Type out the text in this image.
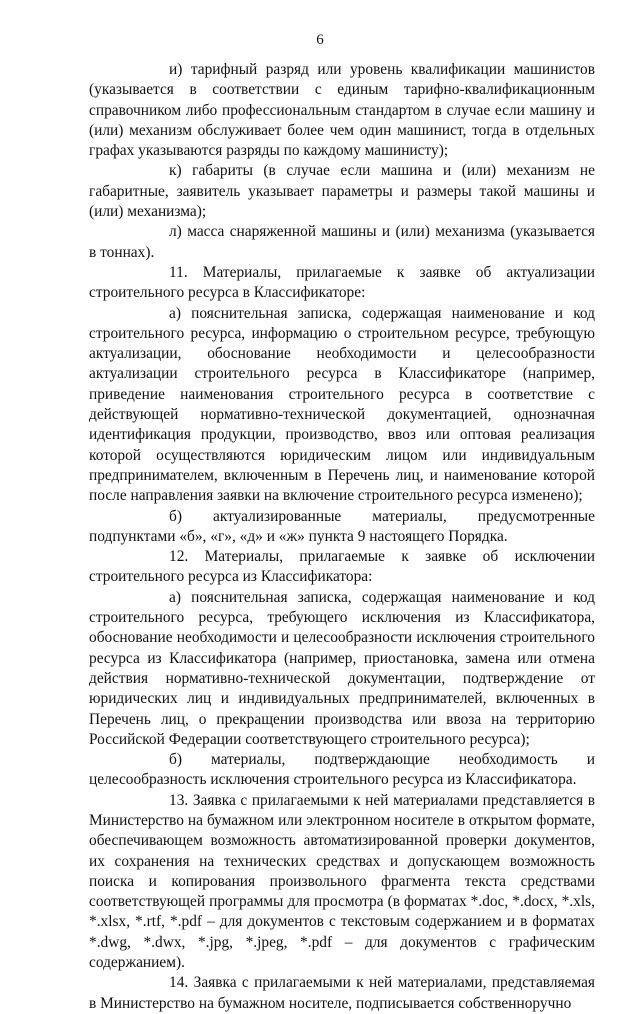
6

и) тарифный разряд или уровень квалификации машинистов (указывается в соответствии с единым тарифно-квалификационным справочником либо профессиональным стандартом в случае если машину и (или) механизм обслуживает более чем один машинист, тогда в отдельных графах указываются разряды по каждому машинисту);

к) габариты (в случае если машина и (или) механизм не габаритные, заявитель указывает параметры и размеры такой машины и (или) механизма);

л) масса снаряженной машины и (или) механизма (указывается в тоннах).

11. Материалы, прилагаемые к заявке об актуализации строительного ресурса в Классификаторе:

а) пояснительная записка, содержащая наименование и код строительного ресурса, информацию о строительном ресурсе, требующую актуализации, обоснование необходимости и целесообразности актуализации строительного ресурса в Классификаторе (например, приведение наименования строительного ресурса в соответствие с действующей нормативно-технической документацией, однозначная идентификация продукции, производство, ввоз или оптовая реализация которой осуществляются юридическим лицом или индивидуальным предпринимателем, включенным в Перечень лиц, и наименование которой после направления заявки на включение строительного ресурса изменено);

б) актуализированные материалы, предусмотренные подпунктами «б», «г», «д» и «ж» пункта 9 настоящего Порядка.

12. Материалы, прилагаемые к заявке об исключении строительного ресурса из Классификатора:

а) пояснительная записка, содержащая наименование и код строительного ресурса, требующего исключения из Классификатора, обоснование необходимости и целесообразности исключения строительного ресурса из Классификатора (например, приостановка, замена или отмена действия нормативно-технической документации, подтверждение от юридических лиц и индивидуальных предпринимателей, включенных в Перечень лиц, о прекращении производства или ввоза на территорию Российской Федерации соответствующего строительного ресурса);

б) материалы, подтверждающие необходимость и целесообразность исключения строительного ресурса из Классификатора.

13. Заявка с прилагаемыми к ней материалами представляется в Министерство на бумажном или электронном носителе в открытом формате, обеспечивающем возможность автоматизированной проверки документов, их сохранения на технических средствах и допускающем возможность поиска и копирования произвольного фрагмента текста средствами соответствующей программы для просмотра (в форматах *.doc, *.docx, *.xls, *.xlsx, *.rtf, *.pdf – для документов с текстовым содержанием и в форматах *.dwg, *.dwx, *.jpg, *.jpeg, *.pdf – для документов с графическим содержанием).

14. Заявка с прилагаемыми к ней материалами, представляемая в Министерство на бумажном носителе, подписывается собственноручно
